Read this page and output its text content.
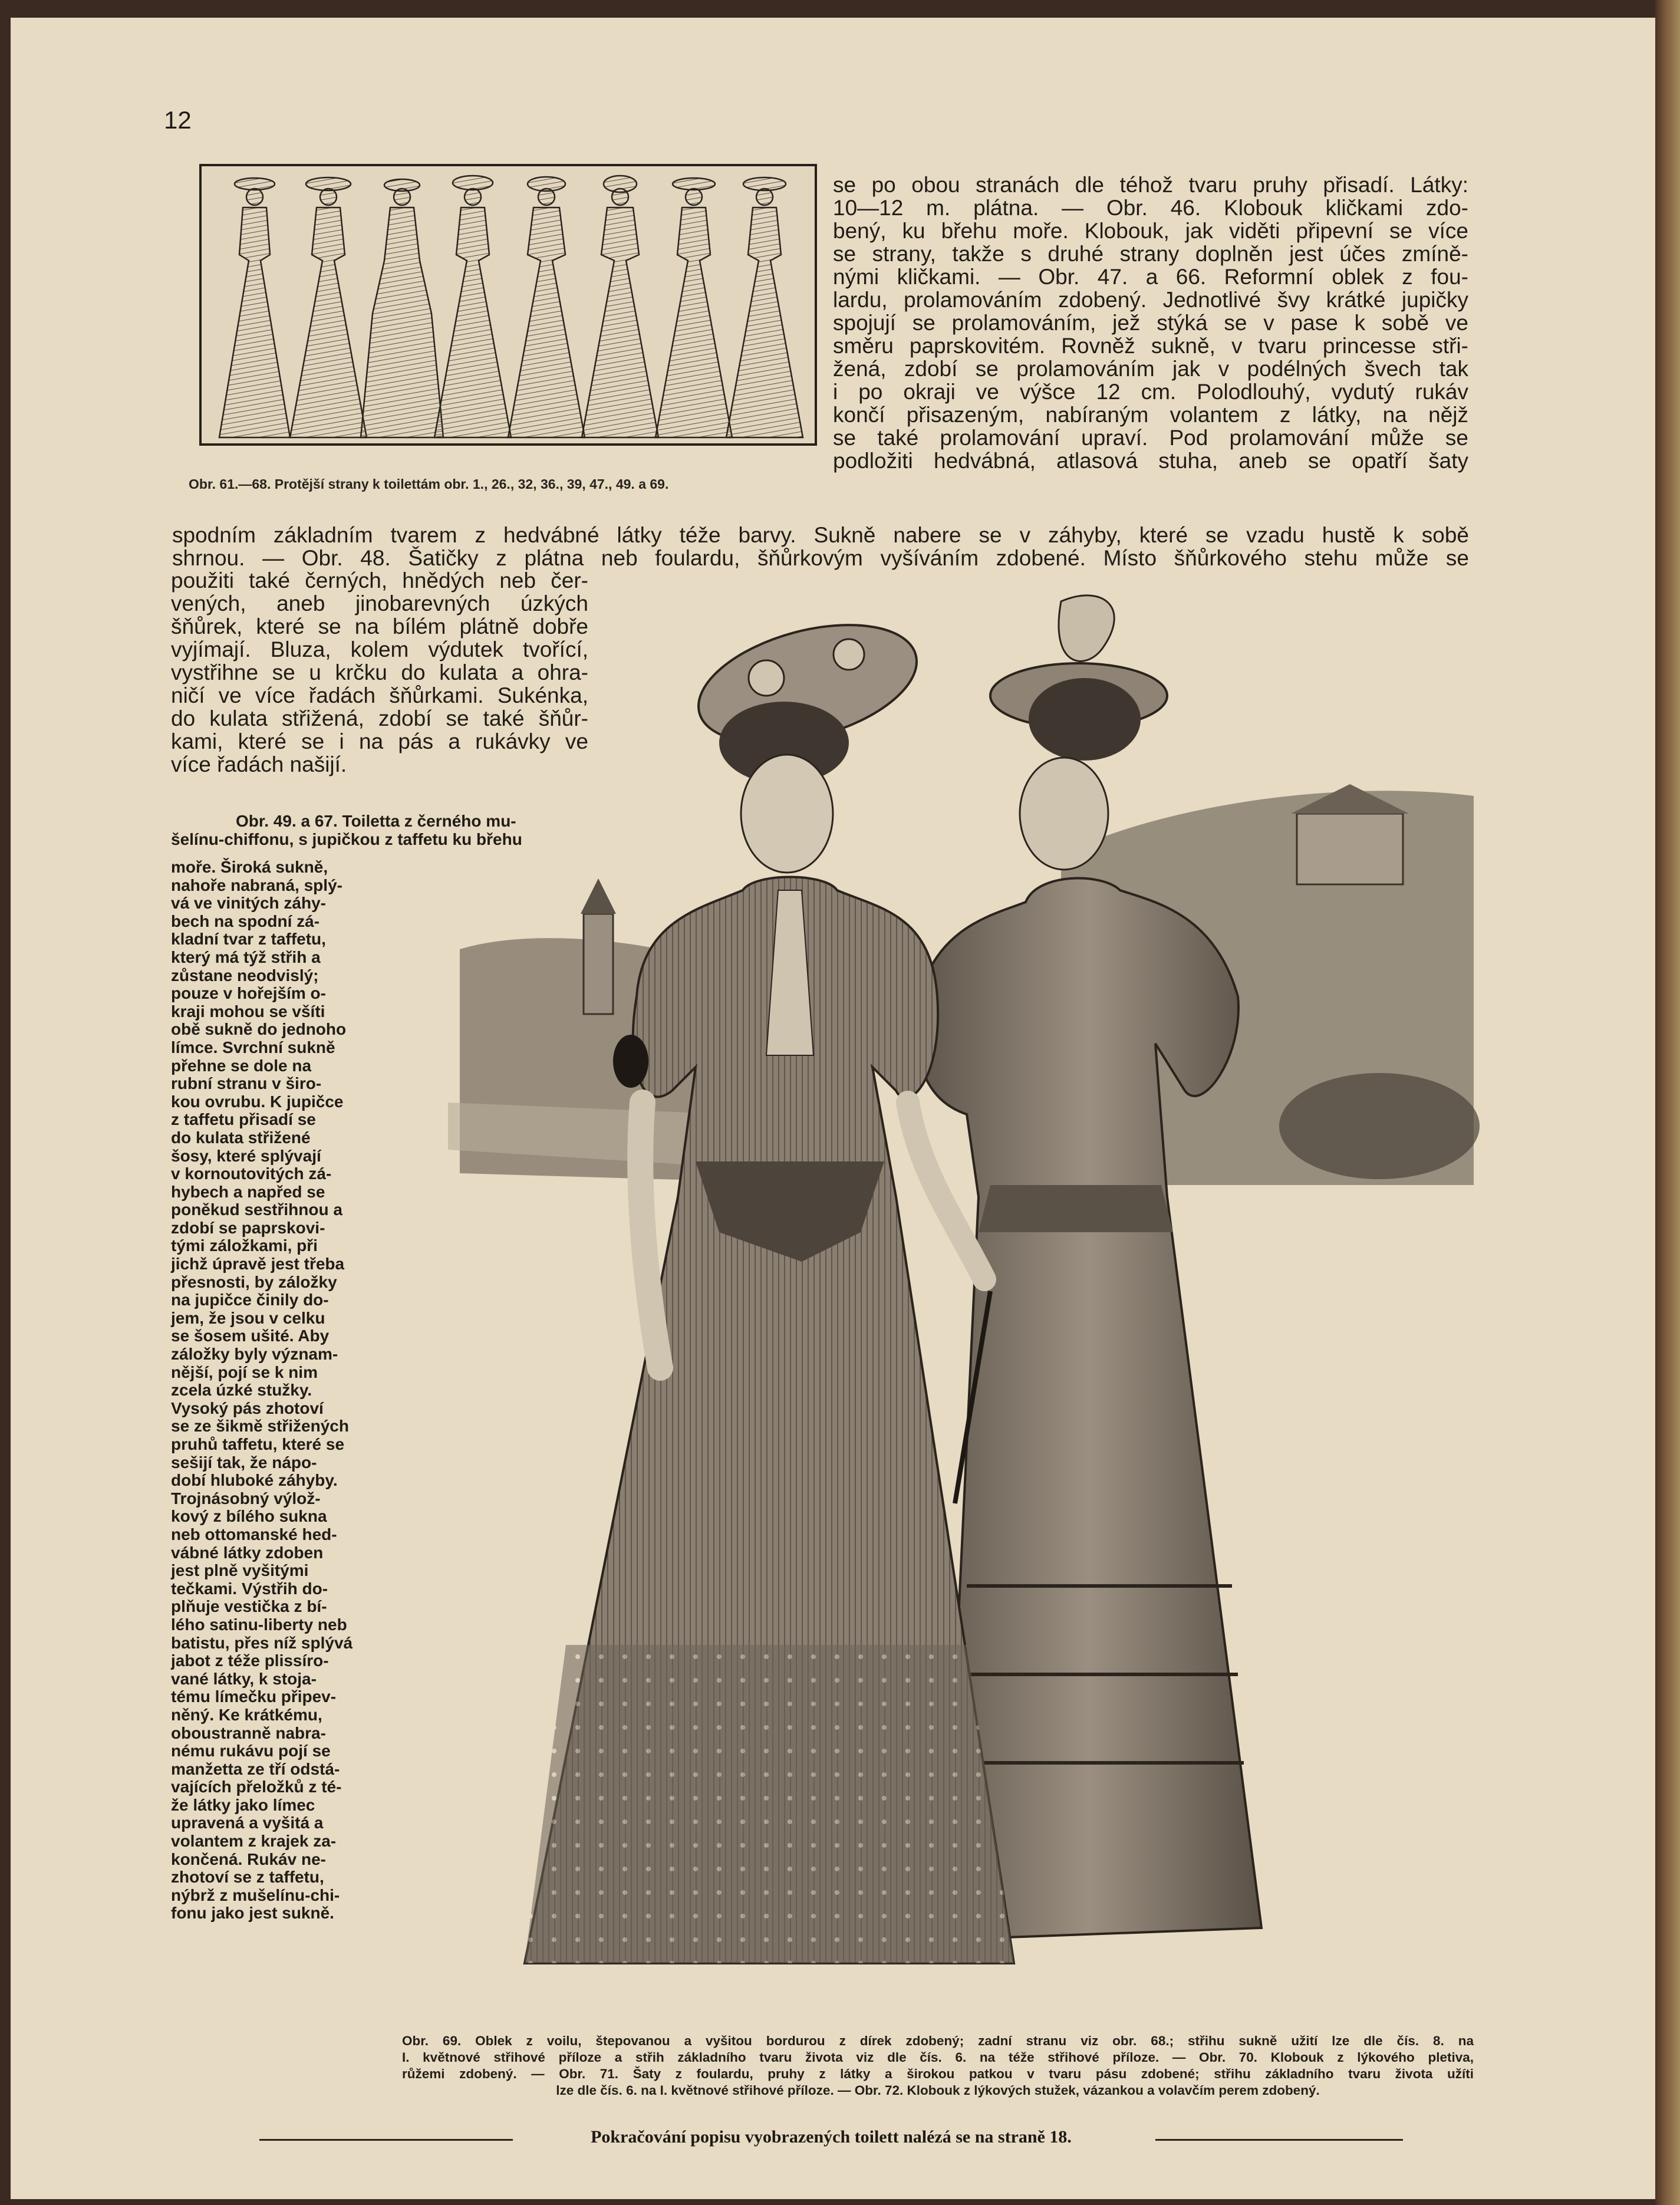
12
Obr. 61.—68. Protější strany k toilettám obr. 1., 26., 32, 36., 39, 47., 49. a 69.
se po obou stranách dle téhož tvaru pruhy přisadí. Látky:
10—12 m. plátna. — Obr. 46. Klobouk kličkami zdo-
bený, ku břehu moře. Klobouk, jak viděti připevní se více
se strany, takže s druhé strany doplněn jest účes zmíně-
nými kličkami. — Obr. 47. a 66. Reformní oblek z fou-
lardu, prolamováním zdobený. Jednotlivé švy krátké jupičky
spojují se prolamováním, jež stýká se v pase k sobě ve
směru paprskovitém. Rovněž sukně, v tvaru princesse stři-
žená, zdobí se prolamováním jak v podélných švech tak
i po okraji ve výšce 12 cm. Polodlouhý, vydutý rukáv
končí přisazeným, nabíraným volantem z látky, na nějž
se také prolamování upraví. Pod prolamování může se
podložiti hedvábná, atlasová stuha, aneb se opatří šaty
spodním základním tvarem z hedvábné látky téže barvy. Sukně nabere se v záhyby, které se vzadu hustě k sobě
shrnou. — Obr. 48. Šatičky z plátna neb foulardu, šňůrkovým vyšíváním zdobené. Místo šňůrkového stehu může se
použiti také černých, hnědých neb čer-
vených, aneb jinobarevných úzkých
šňůrek, které se na bílém plátně dobře
vyjímají. Bluza, kolem výdutek tvořící,
vystřihne se u krčku do kulata a ohra-
ničí ve více řadách šňůrkami. Sukénka,
do kulata střižená, zdobí se také šňůr-
kami, které se i na pás a rukávky ve
více řadách našijí.
Obr. 49. a 67. Toiletta z černého mu-
šelínu-chiffonu, s jupičkou z taffetu ku břehu
moře. Široká sukně,
nahoře nabraná, splý-
vá ve vinitých záhy-
bech na spodní zá-
kladní tvar z taffetu,
který má týž střih a
zůstane neodvislý;
pouze v hořejším o-
kraji mohou se všíti
obě sukně do jednoho
límce. Svrchní sukně
přehne se dole na
rubní stranu v širo-
kou ovrubu. K jupičce
z taffetu přisadí se
do kulata střižené
šosy, které splývají
v kornoutovitých zá-
hybech a napřed se
poněkud sestřihnou a
zdobí se paprskovi-
tými záložkami, při
jichž úpravě jest třeba
přesnosti, by záložky
na jupičce činily do-
jem, že jsou v celku
se šosem ušité. Aby
záložky byly význam-
nější, pojí se k nim
zcela úzké stužky.
Vysoký pás zhotoví
se ze šikmě střižených
pruhů taffetu, které se
sešijí tak, že nápo-
dobí hluboké záhyby.
Trojnásobný výlož-
kový z bílého sukna
neb ottomanské hed-
vábné látky zdoben
jest plně vyšitými
tečkami. Výstřih do-
plňuje vestička z bí-
lého satinu-liberty neb
batistu, přes níž splývá
jabot z téže plissíro-
vané látky, k stoja-
tému límečku připev-
něný. Ke krátkému,
oboustranně nabra-
nému rukávu pojí se
manžetta ze tří odstá-
vajících přeložků z té-
že látky jako límec
upravená a vyšitá a
volantem z krajek za-
končená. Rukáv ne-
zhotoví se z taffetu,
nýbrž z mušelínu-chi-
fonu jako jest sukně.
Obr. 69. Oblek z voilu, štepovanou a vyšitou bordurou z dírek zdobený; zadní stranu viz obr. 68.; střihu sukně užití lze dle čís. 8. na
I. květnové střihové příloze a střih základního tvaru života viz dle čís. 6. na téže střihové příloze. — Obr. 70. Klobouk z lýkového pletiva,
růžemi zdobený. — Obr. 71. Šaty z foulardu, pruhy z látky a širokou patkou v tvaru pásu zdobené; střihu základního tvaru života užíti
lze dle čís. 6. na I. květnové střihové příloze. — Obr. 72. Klobouk z lýkových stužek, vázankou a volavčím perem zdobený.
Pokračování popisu vyobrazených toilett nalézá se na straně 18.
